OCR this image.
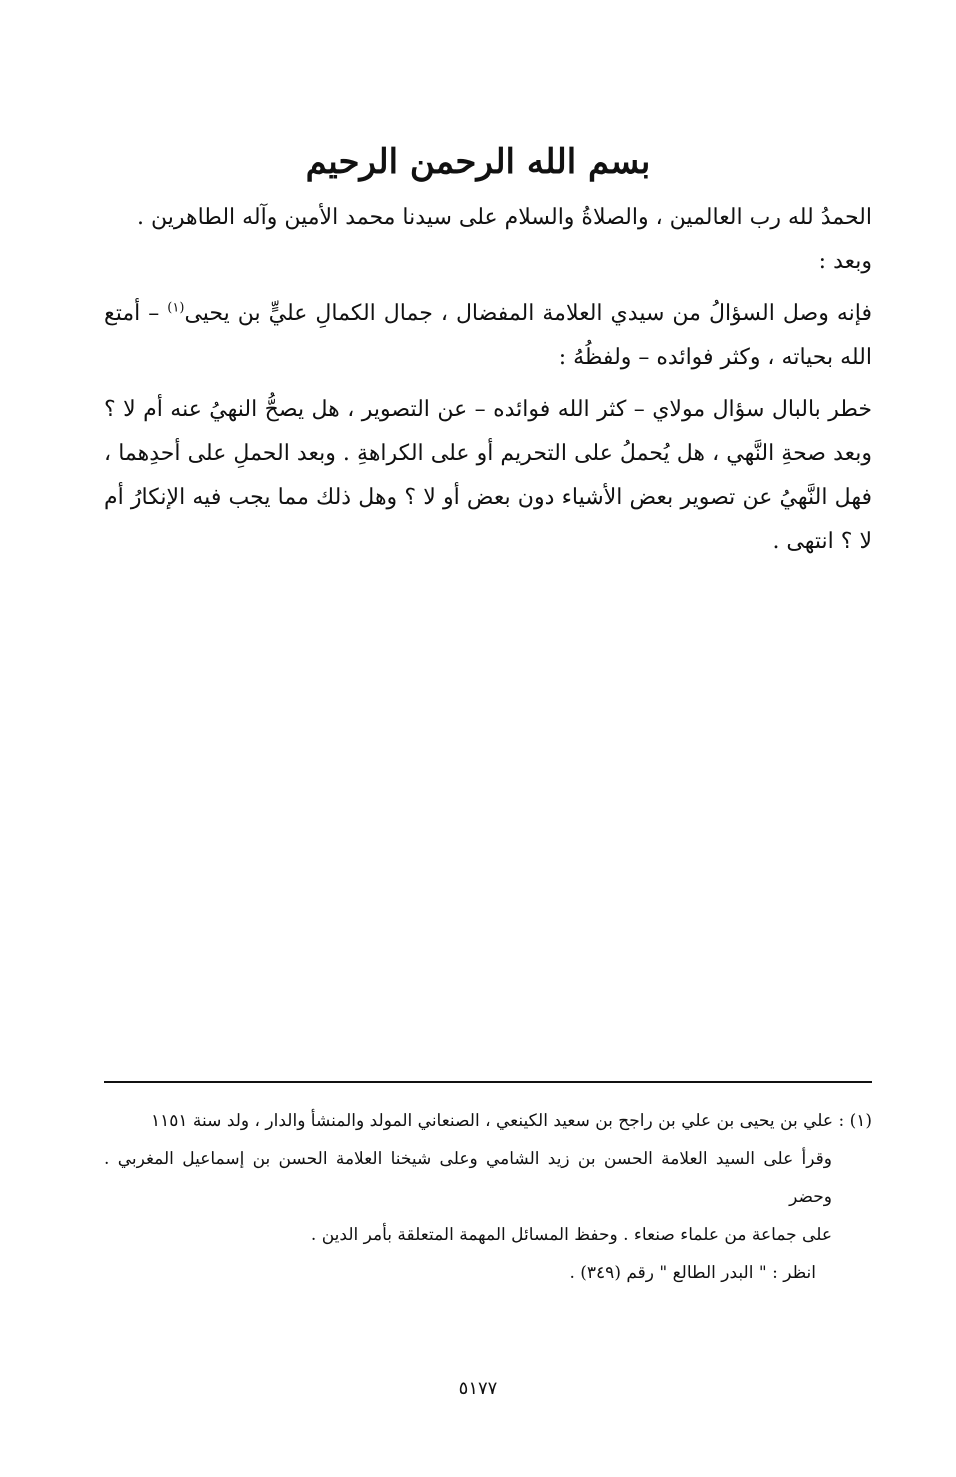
بسم الله الرحمن الرحيم

الحمدُ لله رب العالمين ، والصلاةُ والسلام على سيدنا محمد الأمين وآله الطاهرين .

وبعد :

فإنه وصل السؤالُ من سيدي العلامة المفضال ، جمال الكمالِ عليٍّ بن يحيى$^{(١)}$ – أمتع الله بحياته ، وكثر فوائده – ولفظُهُ :

خطر بالبال سؤال مولاي – كثر الله فوائده – عن التصوير ، هل يصحُّ النهيُ عنه أم لا ؟ وبعد صحةِ النَّهي ، هل يُحملُ على التحريم أو على الكراهةِ . وبعد الحملِ على أحدِهما ، فهل النَّهيُ عن تصوير بعض الأشياء دون بعض أو لا ؟ وهل ذلك مما يجب فيه الإنكارُ أم لا ؟ انتهى .

(١) : علي بن يحيى بن علي بن راجح بن سعيد الكينعي ، الصنعاني المولد والمنشأ والدار ، ولد سنة ١١٥١

وقرأ على السيد العلامة الحسن بن زيد الشامي وعلى شيخنا العلامة الحسن بن إسماعيل المغربي . وحضر

على جماعة من علماء صنعاء . وحفظ المسائل المهمة المتعلقة بأمر الدين .

انظر : " البدر الطالع " رقم (٣٤٩) .

٥١٧٧
